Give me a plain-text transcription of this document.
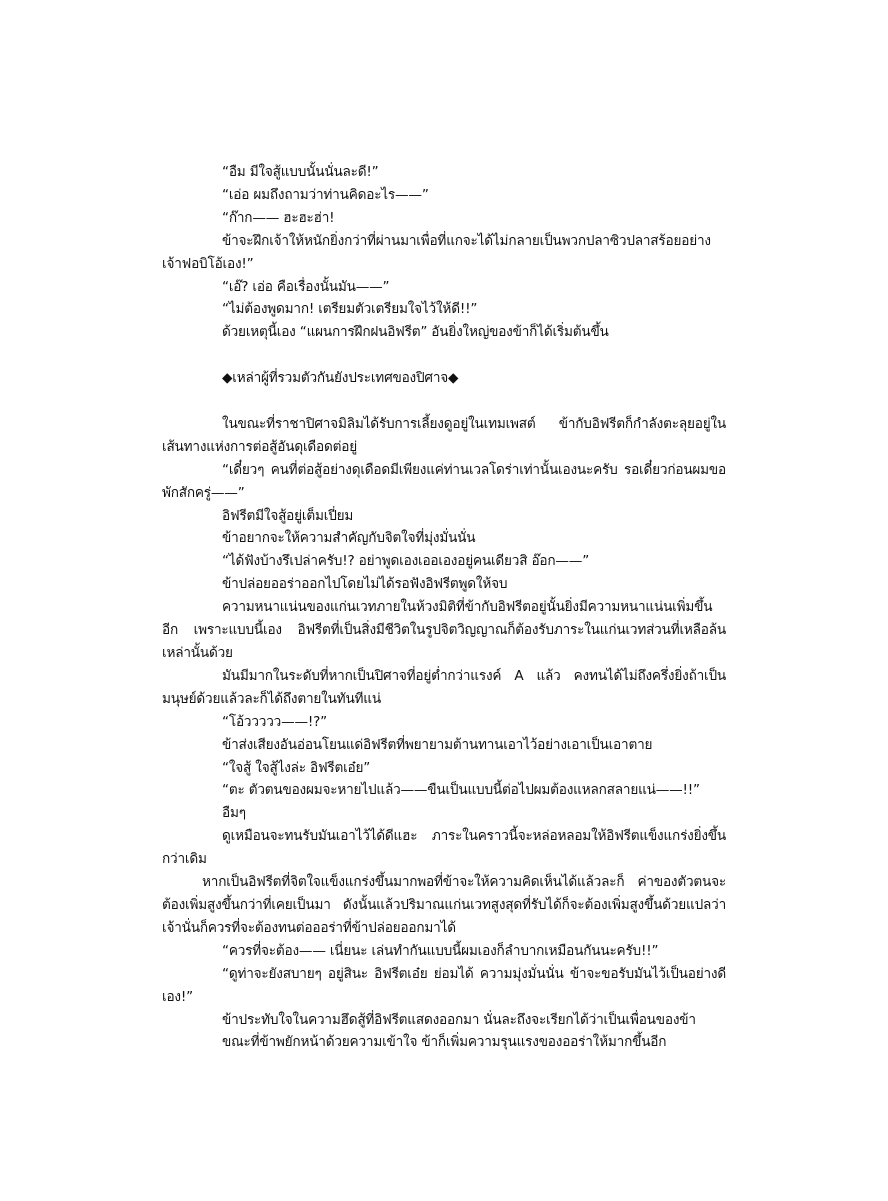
“อืม มีใจสู้แบบนั้นนั่นละดี!”

“เอ่อ ผมถึงถามว่าท่านคิดอะไร——”

“ก๊าก—— ฮะฮะฮ่า!

ข้าจะฝึกเจ้าให้หนักยิ่งกว่าที่ผ่านมาเพื่อที่แกจะได้ไม่กลายเป็นพวกปลาซิวปลาสร้อยอย่างเจ้าฟอบิโอ้เอง!”

“เอ๊? เอ่อ คือเรื่องนั้นมัน——”

“ไม่ต้องพูดมาก! เตรียมตัวเตรียมใจไว้ให้ดี!!”

ด้วยเหตุนี้เอง “แผนการฝึกฝนอิฟรีต” อันยิ่งใหญ่ของข้าก็ได้เริ่มต้นขึ้น

◆เหล่าผู้ที่รวมตัวกันยังประเทศของปิศาจ◆

ในขณะที่ราชาปิศาจมิลิมได้รับการเลี้ยงดูอยู่ในเทมเพสต์ ข้ากับอิฟรีตก็กำลังตะลุยอยู่ในเส้นทางแห่งการต่อสู้อันดุเดือดต่อยู่

“เดี๋ยวๆ คนที่ต่อสู้อย่างดุเดือดมีเพียงแค่ท่านเวลโดร่าเท่านั้นเองนะครับ รอเดี๋ยวก่อนผมขอพักสักครู่——”

อิฟรีตมีใจสู้อยู่เต็มเปี่ยม

ข้าอยากจะให้ความสำคัญกับจิตใจที่มุ่งมั่นนั่น

“ได้ฟังบ้างรึเปล่าครับ!? อย่าพูดเองเออเองอยู่คนเดียวสิ อ๊อก——”

ข้าปล่อยออร่าออกไปโดยไม่ได้รอฟังอิฟรีตพูดให้จบ

ความหนาแน่นของแก่นเวทภายในห้วงมิติที่ข้ากับอิฟรีตอยู่นั้นยิ่งมีความหนาแน่นเพิ่มขึ้นอีก เพราะแบบนี้เอง อิฟรีตที่เป็นสิ่งมีชีวิตในรูปจิตวิญญาณก็ต้องรับภาระในแก่นเวทส่วนที่เหลือล้นเหล่านั้นด้วย

มันมีมากในระดับที่หากเป็นปิศาจที่อยู่ต่ำกว่าแรงค์ A แล้ว คงทนได้ไม่ถึงครึ่งยิ่งถ้าเป็นมนุษย์ด้วยแล้วละก็ได้ถึงตายในทันทีแน่

“โอ้ววววว——!?”

ข้าส่งเสียงอันอ่อนโยนแด่อิฟรีตที่พยายามต้านทานเอาไว้อย่างเอาเป็นเอาตาย

“ใจสู้ ใจสู้ไงล่ะ อิฟรีตเอ๋ย”

“ตะ ตัวตนของผมจะหายไปแล้ว——ขืนเป็นแบบนี้ต่อไปผมต้องแหลกสลายแน่——!!”

อืมๆ

ดูเหมือนจะทนรับมันเอาไว้ได้ดีแฮะ ภาระในคราวนี้จะหล่อหลอมให้อิฟรีตแข็งแกร่งยิ่งขึ้นกว่าเดิม

หากเป็นอิฟรีตที่จิตใจแข็งแกร่งขึ้นมากพอที่ข้าจะให้ความคิดเห็นได้แล้วละก็ ค่าของตัวตนจะต้องเพิ่มสูงขึ้นกว่าที่เคยเป็นมา ดังนั้นแล้วปริมาณแก่นเวทสูงสุดที่รับได้ก็จะต้องเพิ่มสูงขึ้นด้วยแปลว่าเจ้านั่นก็ควรที่จะต้องทนต่อออร่าที่ข้าปล่อยออกมาได้

“ควรที่จะต้อง—— เนี่ยนะ เล่นทำกันแบบนี้ผมเองก็ลำบากเหมือนกันนะครับ!!”

“ดูท่าจะยังสบายๆ อยู่สินะ อิฟรีตเอ๋ย ย่อมได้ ความมุ่งมั่นนั่น ข้าจะขอรับมันไว้เป็นอย่างดีเอง!”

ข้าประทับใจในความฮึดสู้ที่อิฟรีตแสดงออกมา นั่นละถึงจะเรียกได้ว่าเป็นเพื่อนของข้า

ขณะที่ข้าพยักหน้าด้วยความเข้าใจ ข้าก็เพิ่มความรุนแรงของออร่าให้มากขึ้นอีก
